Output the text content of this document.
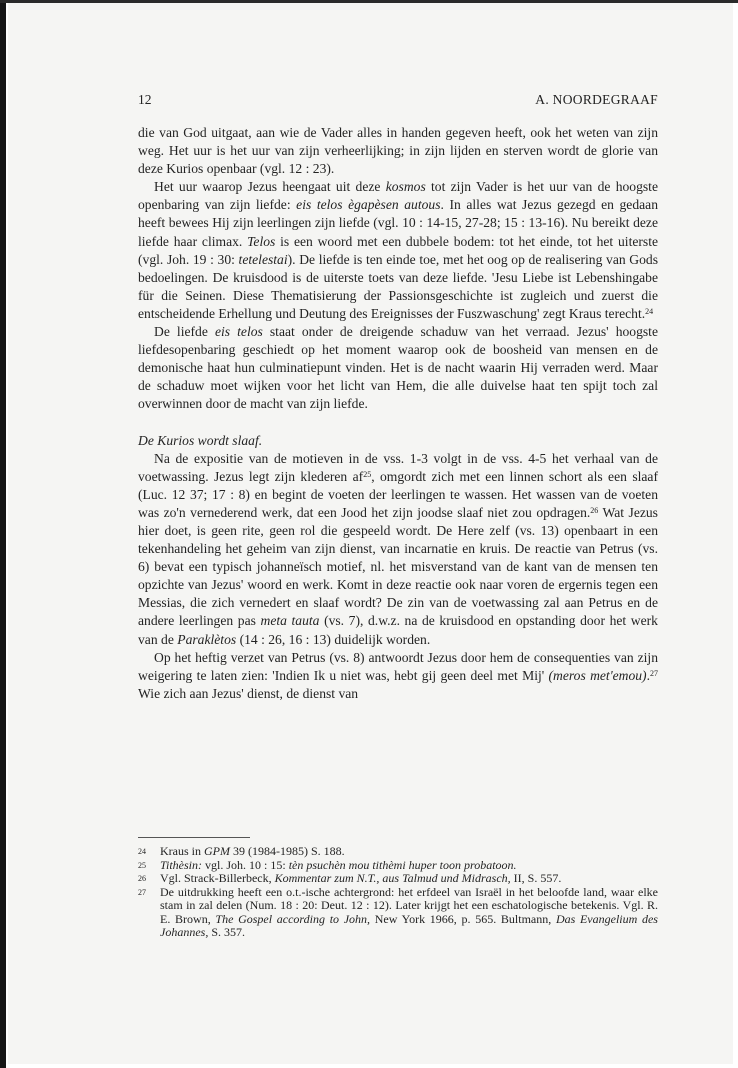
12	A. NOORDEGRAAF

die van God uitgaat, aan wie de Vader alles in handen gegeven heeft, ook het weten van zijn weg. Het uur is het uur van zijn verheerlijking; in zijn lijden en sterven wordt de glorie van deze Kurios openbaar (vgl. 12 : 23).

Het uur waarop Jezus heengaat uit deze kosmos tot zijn Vader is het uur van de hoogste openbaring van zijn liefde: eis telos ègapèsen autous. In alles wat Jezus gezegd en gedaan heeft bewees Hij zijn leerlingen zijn liefde (vgl. 10 : 14-15, 27-28; 15 : 13-16). Nu bereikt deze liefde haar climax. Telos is een woord met een dubbele bodem: tot het einde, tot het uiterste (vgl. Joh. 19 : 30: tetelestai). De liefde is ten einde toe, met het oog op de realisering van Gods bedoelingen. De kruisdood is de uiterste toets van deze liefde. 'Jesu Liebe ist Lebenshingabe für die Seinen. Diese Thematisierung der Passionsgeschichte ist zugleich und zuerst die entscheidende Erhellung und Deutung des Ereignisses der Fuszwaschung' zegt Kraus terecht.$^{24}$

De liefde eis telos staat onder de dreigende schaduw van het verraad. Jezus' hoogste liefdesopenbaring geschiedt op het moment waarop ook de boosheid van mensen en de demonische haat hun culminatiepunt vinden. Het is de nacht waarin Hij verraden werd. Maar de schaduw moet wijken voor het licht van Hem, die alle duivelse haat ten spijt toch zal overwinnen door de macht van zijn liefde.

De Kurios wordt slaaf.

Na de expositie van de motieven in de vss. 1-3 volgt in de vss. 4-5 het verhaal van de voetwassing. Jezus legt zijn klederen $af^{25}$, omgordt zich met een linnen schort als een slaaf (Luc. 12 37; 17 : 8) en begint de voeten der leerlingen te wassen. Het wassen van de voeten was zo'n vernederend werk, dat een Jood het zijn joodse slaaf niet zou opdragen.$^{26}$ Wat Jezus hier doet, is geen rite, geen rol die gespeeld wordt. De Here zelf (vs. 13) openbaart in een tekenhandeling het geheim van zijn dienst, van incarnatie en kruis. De reactie van Petrus (vs. 6) bevat een typisch johanneïsch motief, nl. het misverstand van de kant van de mensen ten opzichte van Jezus' woord en werk. Komt in deze reactie ook naar voren de ergernis tegen een Messias, die zich vernedert en slaaf wordt? De zin van de voetwassing zal aan Petrus en de andere leerlingen pas meta tauta (vs. 7), d.w.z. na de kruisdood en opstanding door het werk van de Paraklètos (14 : 26, 16 : 13) duidelijk worden.

Op het heftig verzet van Petrus (vs. 8) antwoordt Jezus door hem de consequenties van zijn weigering te laten zien: 'Indien Ik u niet was, hebt gij geen deel met Mij' (meros met'emou).$^{27}$ Wie zich aan Jezus' dienst, de dienst van

24	Kraus in GPM 39 (1984-1985) S. 188.
25	Tithèsin: vgl. Joh. 10 : 15: tèn psuchèn mou tithèmi huper toon probatoon.
26	Vgl. Strack-Billerbeck, Kommentar zum N.T., aus Talmud und Midrasch, II, S. 557.
27	De uitdrukking heeft een o.t.-ische achtergrond: het erfdeel van Israël in het beloofde land, waar elke stam in zal delen (Num. 18 : 20: Deut. 12 : 12). Later krijgt het een eschatologische betekenis. Vgl. R. E. Brown, The Gospel according to John, New York 1966, p. 565. Bultmann, Das Evangelium des Johannes, S. 357.
